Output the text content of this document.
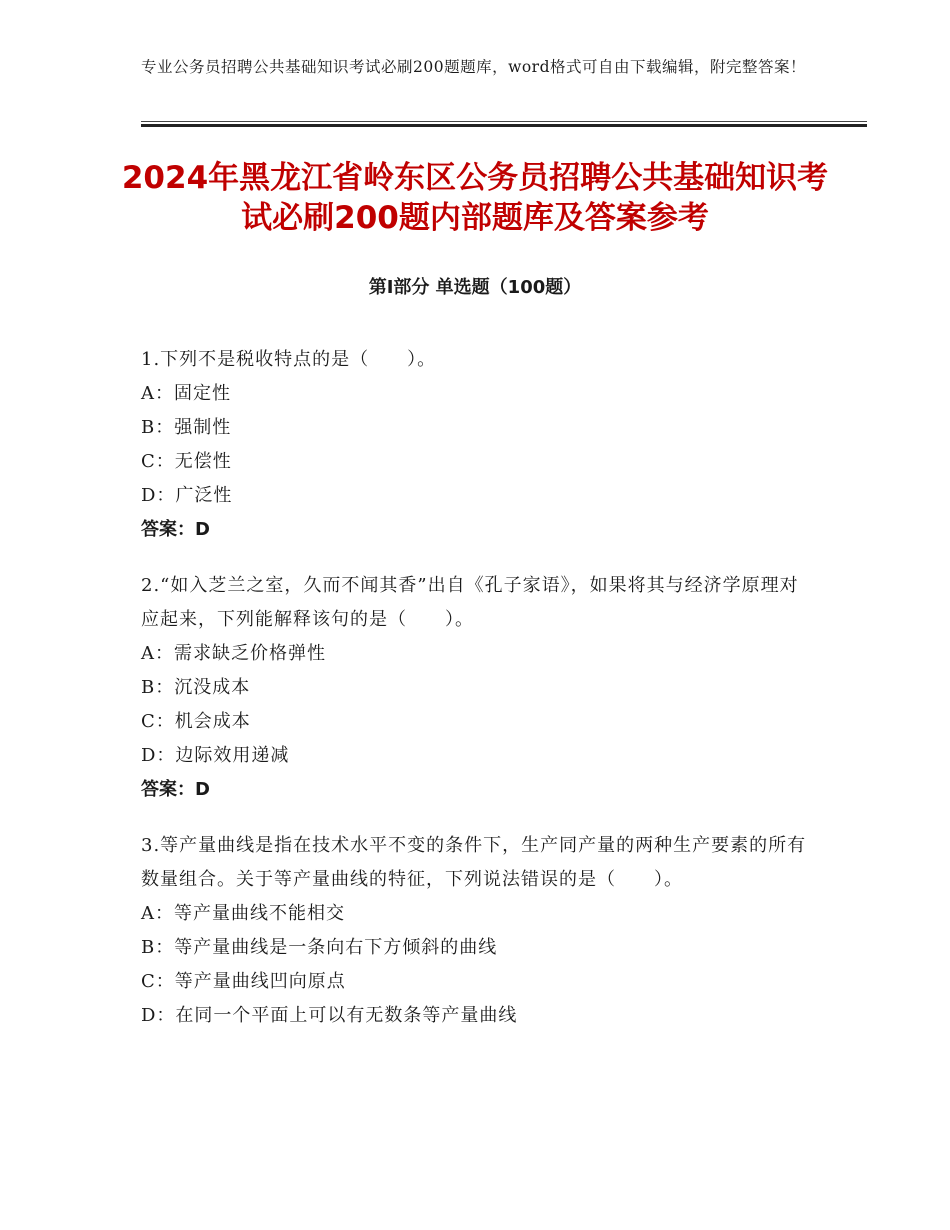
专业公务员招聘公共基础知识考试必刷200题题库，word格式可自由下载编辑，附完整答案！
2024年黑龙江省岭东区公务员招聘公共基础知识考试必刷200题内部题库及答案参考
第Ⅰ部分 单选题（100题）
1.下列不是税收特点的是（　　）。
A：固定性
B：强制性
C：无偿性
D：广泛性
答案：D
2.“如入芝兰之室，久而不闻其香”出自《孔子家语》，如果将其与经济学原理对应起来，下列能解释该句的是（　　）。
A：需求缺乏价格弹性
B：沉没成本
C：机会成本
D：边际效用递减
答案：D
3.等产量曲线是指在技术水平不变的条件下，生产同产量的两种生产要素的所有数量组合。关于等产量曲线的特征，下列说法错误的是（　　）。
A：等产量曲线不能相交
B：等产量曲线是一条向右下方倾斜的曲线
C：等产量曲线凹向原点
D：在同一个平面上可以有无数条等产量曲线
